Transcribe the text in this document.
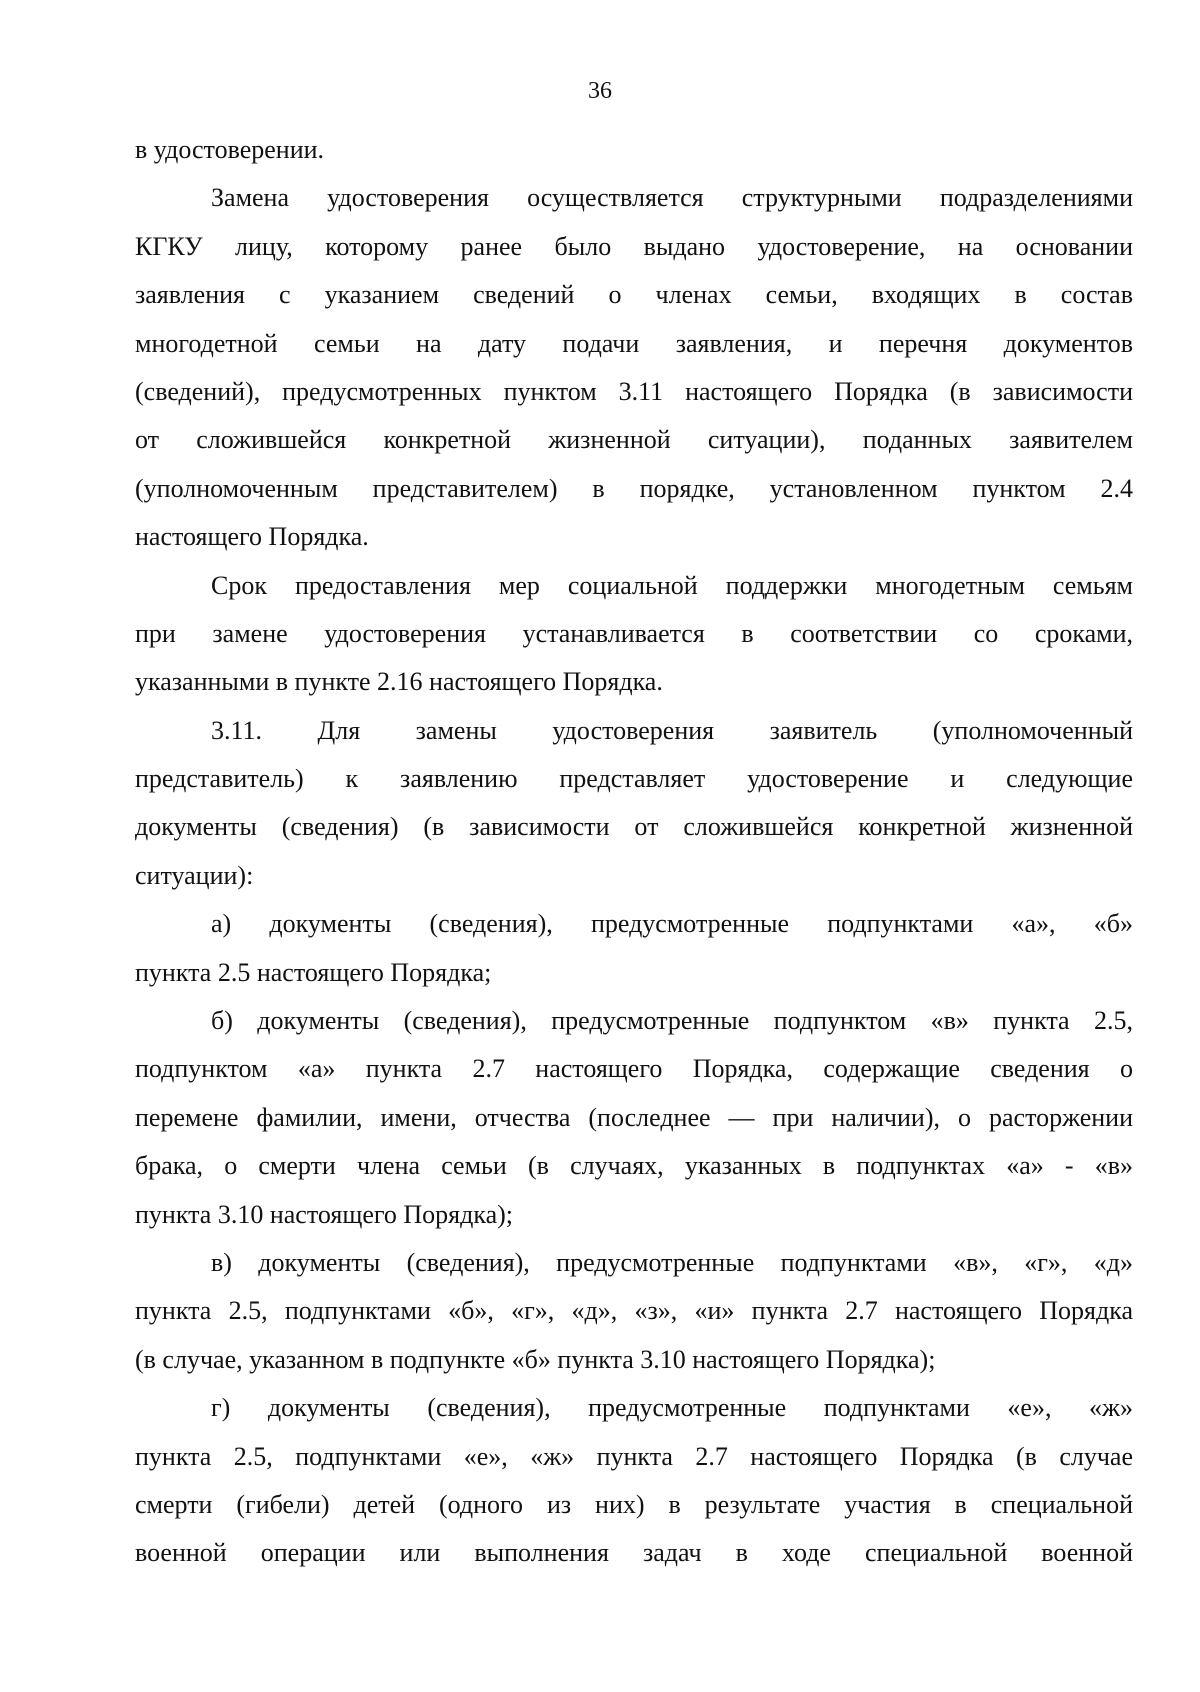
36
в удостоверении.
Замена удостоверения осуществляется структурными подразделениями
КГКУ лицу, которому ранее было выдано удостоверение, на основании
заявления с указанием сведений о членах семьи, входящих в состав
многодетной семьи на дату подачи заявления, и перечня документов
(сведений), предусмотренных пунктом 3.11 настоящего Порядка (в зависимости
от сложившейся конкретной жизненной ситуации), поданных заявителем
(уполномоченным представителем) в порядке, установленном пунктом 2.4
настоящего Порядка.
Срок предоставления мер социальной поддержки многодетным семьям
при замене удостоверения устанавливается в соответствии со сроками,
указанными в пункте 2.16 настоящего Порядка.
3.11. Для замены удостоверения заявитель (уполномоченный
представитель) к заявлению представляет удостоверение и следующие
документы (сведения) (в зависимости от сложившейся конкретной жизненной
ситуации):
а) документы (сведения), предусмотренные подпунктами «а», «б»
пункта 2.5 настоящего Порядка;
б) документы (сведения), предусмотренные подпунктом «в» пункта 2.5,
подпунктом «а» пункта 2.7 настоящего Порядка, содержащие сведения о
перемене фамилии, имени, отчества (последнее — при наличии), о расторжении
брака, о смерти члена семьи (в случаях, указанных в подпунктах «а» - «в»
пункта 3.10 настоящего Порядка);
в) документы (сведения), предусмотренные подпунктами «в», «г», «д»
пункта 2.5, подпунктами «б», «г», «д», «з», «и» пункта 2.7 настоящего Порядка
(в случае, указанном в подпункте «б» пункта 3.10 настоящего Порядка);
г) документы (сведения), предусмотренные подпунктами «е», «ж»
пункта 2.5, подпунктами «е», «ж» пункта 2.7 настоящего Порядка (в случае
смерти (гибели) детей (одного из них) в результате участия в специальной
военной операции или выполнения задач в ходе специальной военной
